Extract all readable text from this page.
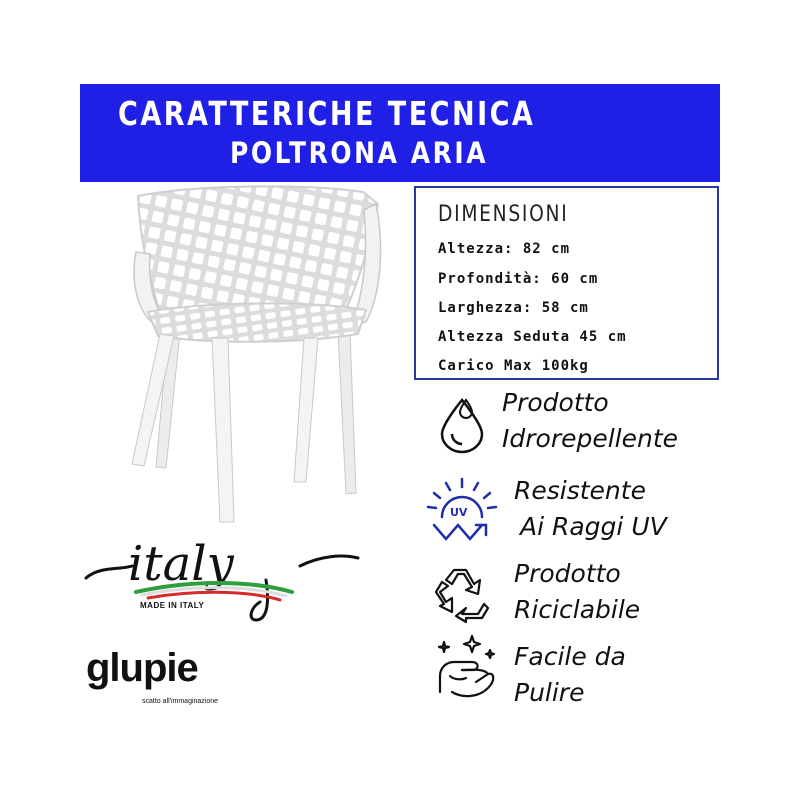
CARATTERICHE TECNICA
POLTRONA ARIA
DIMENSIONI
Altezza: 82 cm
Profondità: 60 cm
Larghezza: 58 cm
Altezza Seduta 45 cm
Carico Max 100kg
Prodotto
Idrorepellente
UV
Resistente
Ai Raggi UV
Prodotto
Riciclabile
Facile da
Pulire
italy
MADE IN ITALY
glupie
scatto all'immaginazione
